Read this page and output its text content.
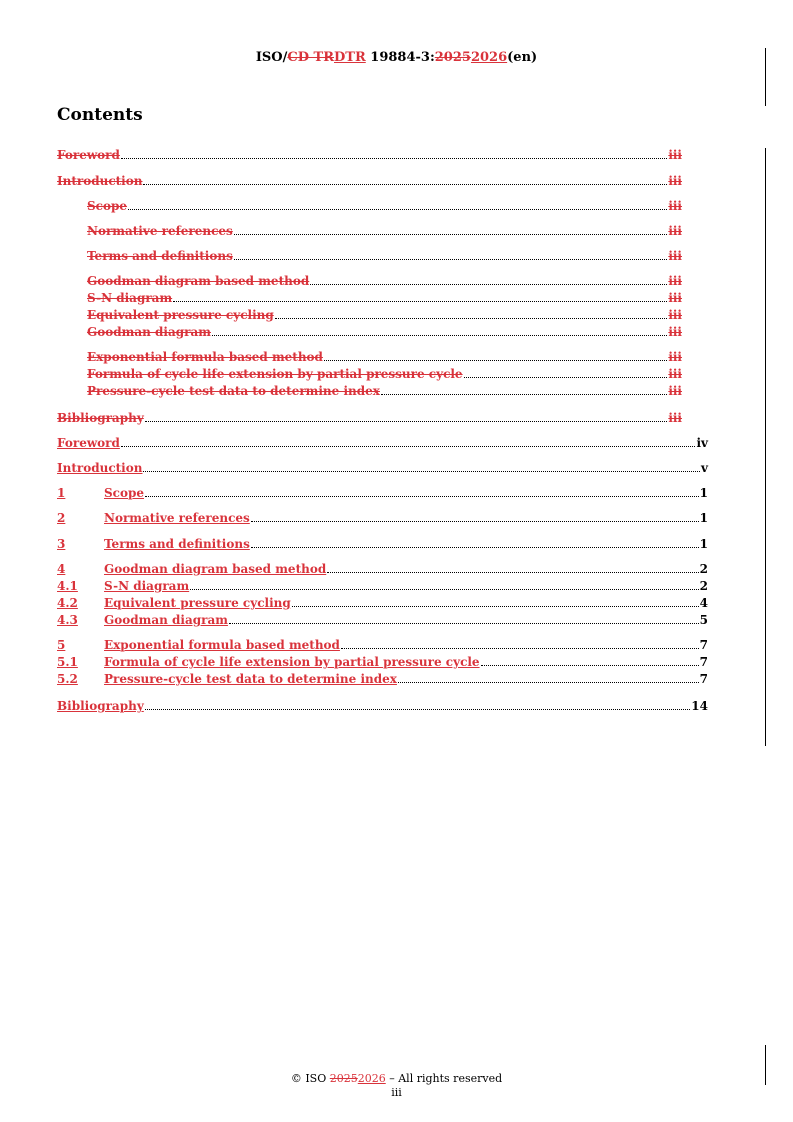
ISO/CD TRDTR 19884-3:20252026(en)
Contents
Foreword	iii
Introduction	iii
Scope	iii
Normative references	iii
Terms and definitions	iii
Goodman diagram based method	iii
S-N diagram	iii
Equivalent pressure cycling	iii
Goodman diagram	iii
Exponential formula based method	iii
Formula of cycle life extension by partial pressure cycle	iii
Pressure-cycle test data to determine index	iii
Bibliography	iii
Foreword	iv
Introduction	v
1	Scope	1
2	Normative references	1
3	Terms and definitions	1
4	Goodman diagram based method	2
4.1	S-N diagram	2
4.2	Equivalent pressure cycling	4
4.3	Goodman diagram	5
5	Exponential formula based method	7
5.1	Formula of cycle life extension by partial pressure cycle	7
5.2	Pressure-cycle test data to determine index	7
Bibliography	14
© ISO 20252026 – All rights reserved
iii
